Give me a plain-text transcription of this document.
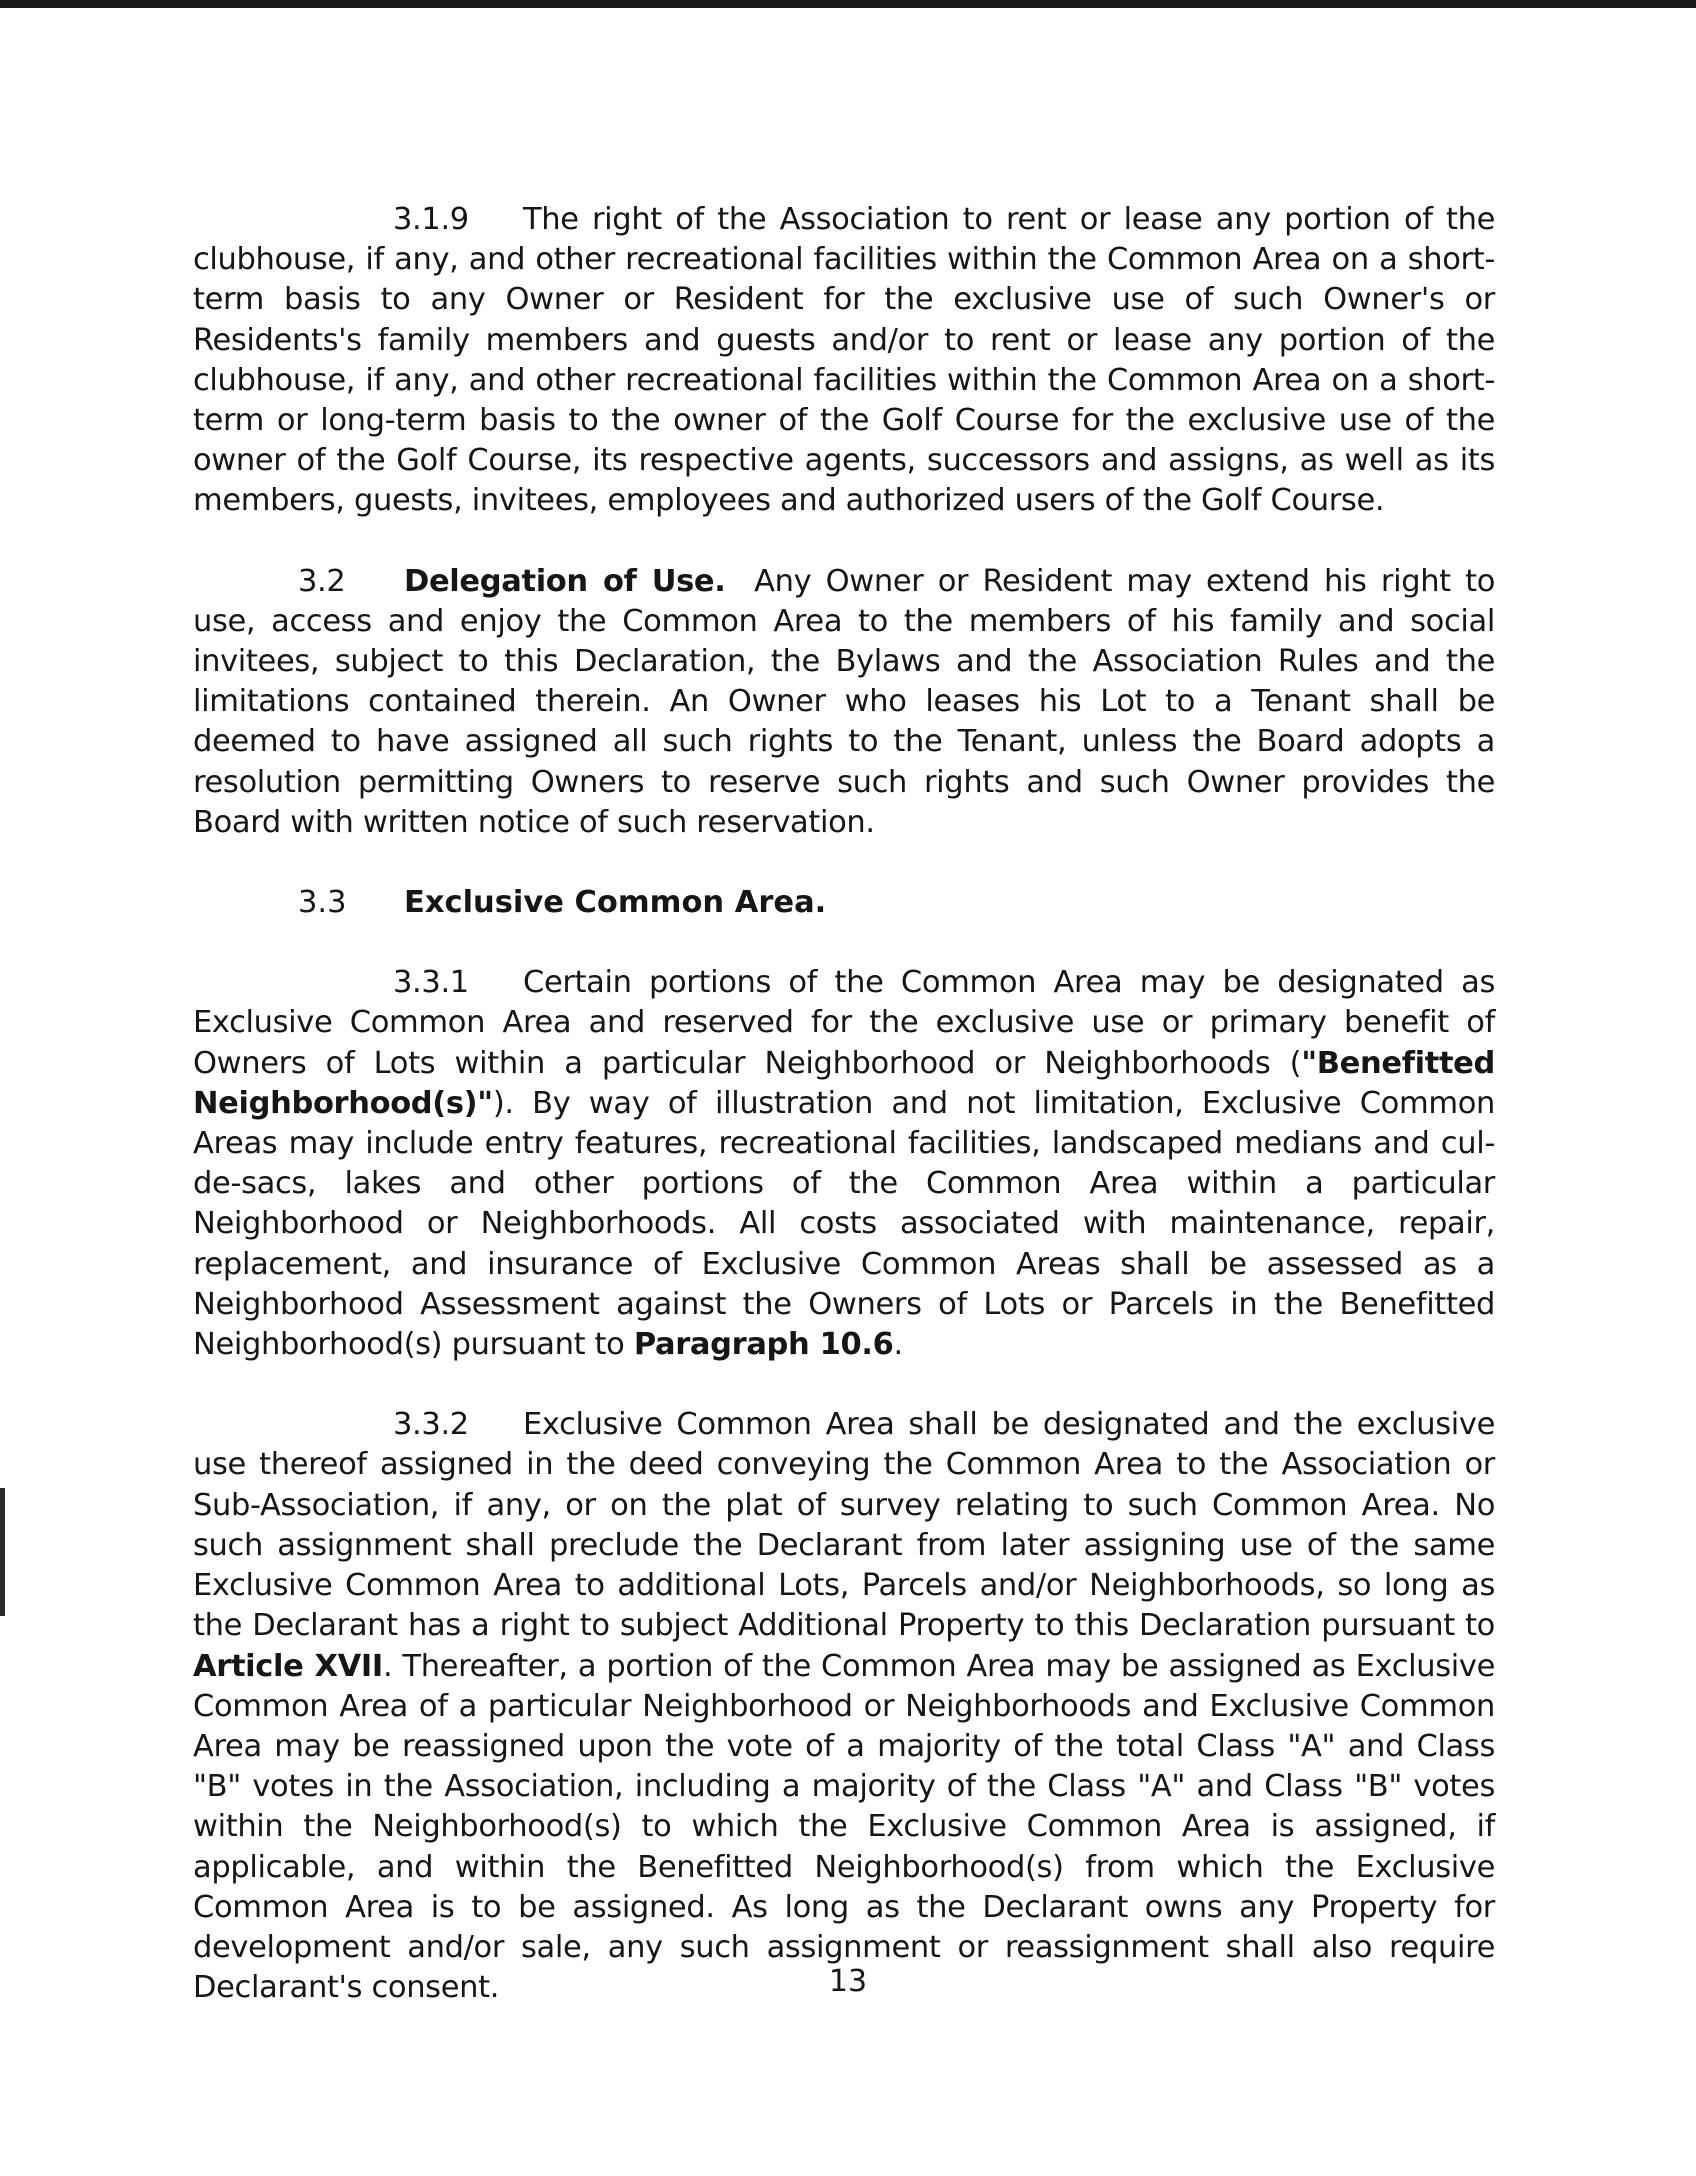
3.1.9 The right of the Association to rent or lease any portion of the clubhouse, if any, and other recreational facilities within the Common Area on a short-term basis to any Owner or Resident for the exclusive use of such Owner's or Residents's family members and guests and/or to rent or lease any portion of the clubhouse, if any, and other recreational facilities within the Common Area on a short-term or long-term basis to the owner of the Golf Course for the exclusive use of the owner of the Golf Course, its respective agents, successors and assigns, as well as its members, guests, invitees, employees and authorized users of the Golf Course.

3.2 Delegation of Use. Any Owner or Resident may extend his right to use, access and enjoy the Common Area to the members of his family and social invitees, subject to this Declaration, the Bylaws and the Association Rules and the limitations contained therein. An Owner who leases his Lot to a Tenant shall be deemed to have assigned all such rights to the Tenant, unless the Board adopts a resolution permitting Owners to reserve such rights and such Owner provides the Board with written notice of such reservation.

3.3 Exclusive Common Area.

3.3.1 Certain portions of the Common Area may be designated as Exclusive Common Area and reserved for the exclusive use or primary benefit of Owners of Lots within a particular Neighborhood or Neighborhoods ("Benefitted Neighborhood(s)"). By way of illustration and not limitation, Exclusive Common Areas may include entry features, recreational facilities, landscaped medians and cul-de-sacs, lakes and other portions of the Common Area within a particular Neighborhood or Neighborhoods. All costs associated with maintenance, repair, replacement, and insurance of Exclusive Common Areas shall be assessed as a Neighborhood Assessment against the Owners of Lots or Parcels in the Benefitted Neighborhood(s) pursuant to Paragraph 10.6.

3.3.2 Exclusive Common Area shall be designated and the exclusive use thereof assigned in the deed conveying the Common Area to the Association or Sub-Association, if any, or on the plat of survey relating to such Common Area. No such assignment shall preclude the Declarant from later assigning use of the same Exclusive Common Area to additional Lots, Parcels and/or Neighborhoods, so long as the Declarant has a right to subject Additional Property to this Declaration pursuant to Article XVII. Thereafter, a portion of the Common Area may be assigned as Exclusive Common Area of a particular Neighborhood or Neighborhoods and Exclusive Common Area may be reassigned upon the vote of a majority of the total Class "A" and Class "B" votes in the Association, including a majority of the Class "A" and Class "B" votes within the Neighborhood(s) to which the Exclusive Common Area is assigned, if applicable, and within the Benefitted Neighborhood(s) from which the Exclusive Common Area is to be assigned. As long as the Declarant owns any Property for development and/or sale, any such assignment or reassignment shall also require Declarant's consent.	13
